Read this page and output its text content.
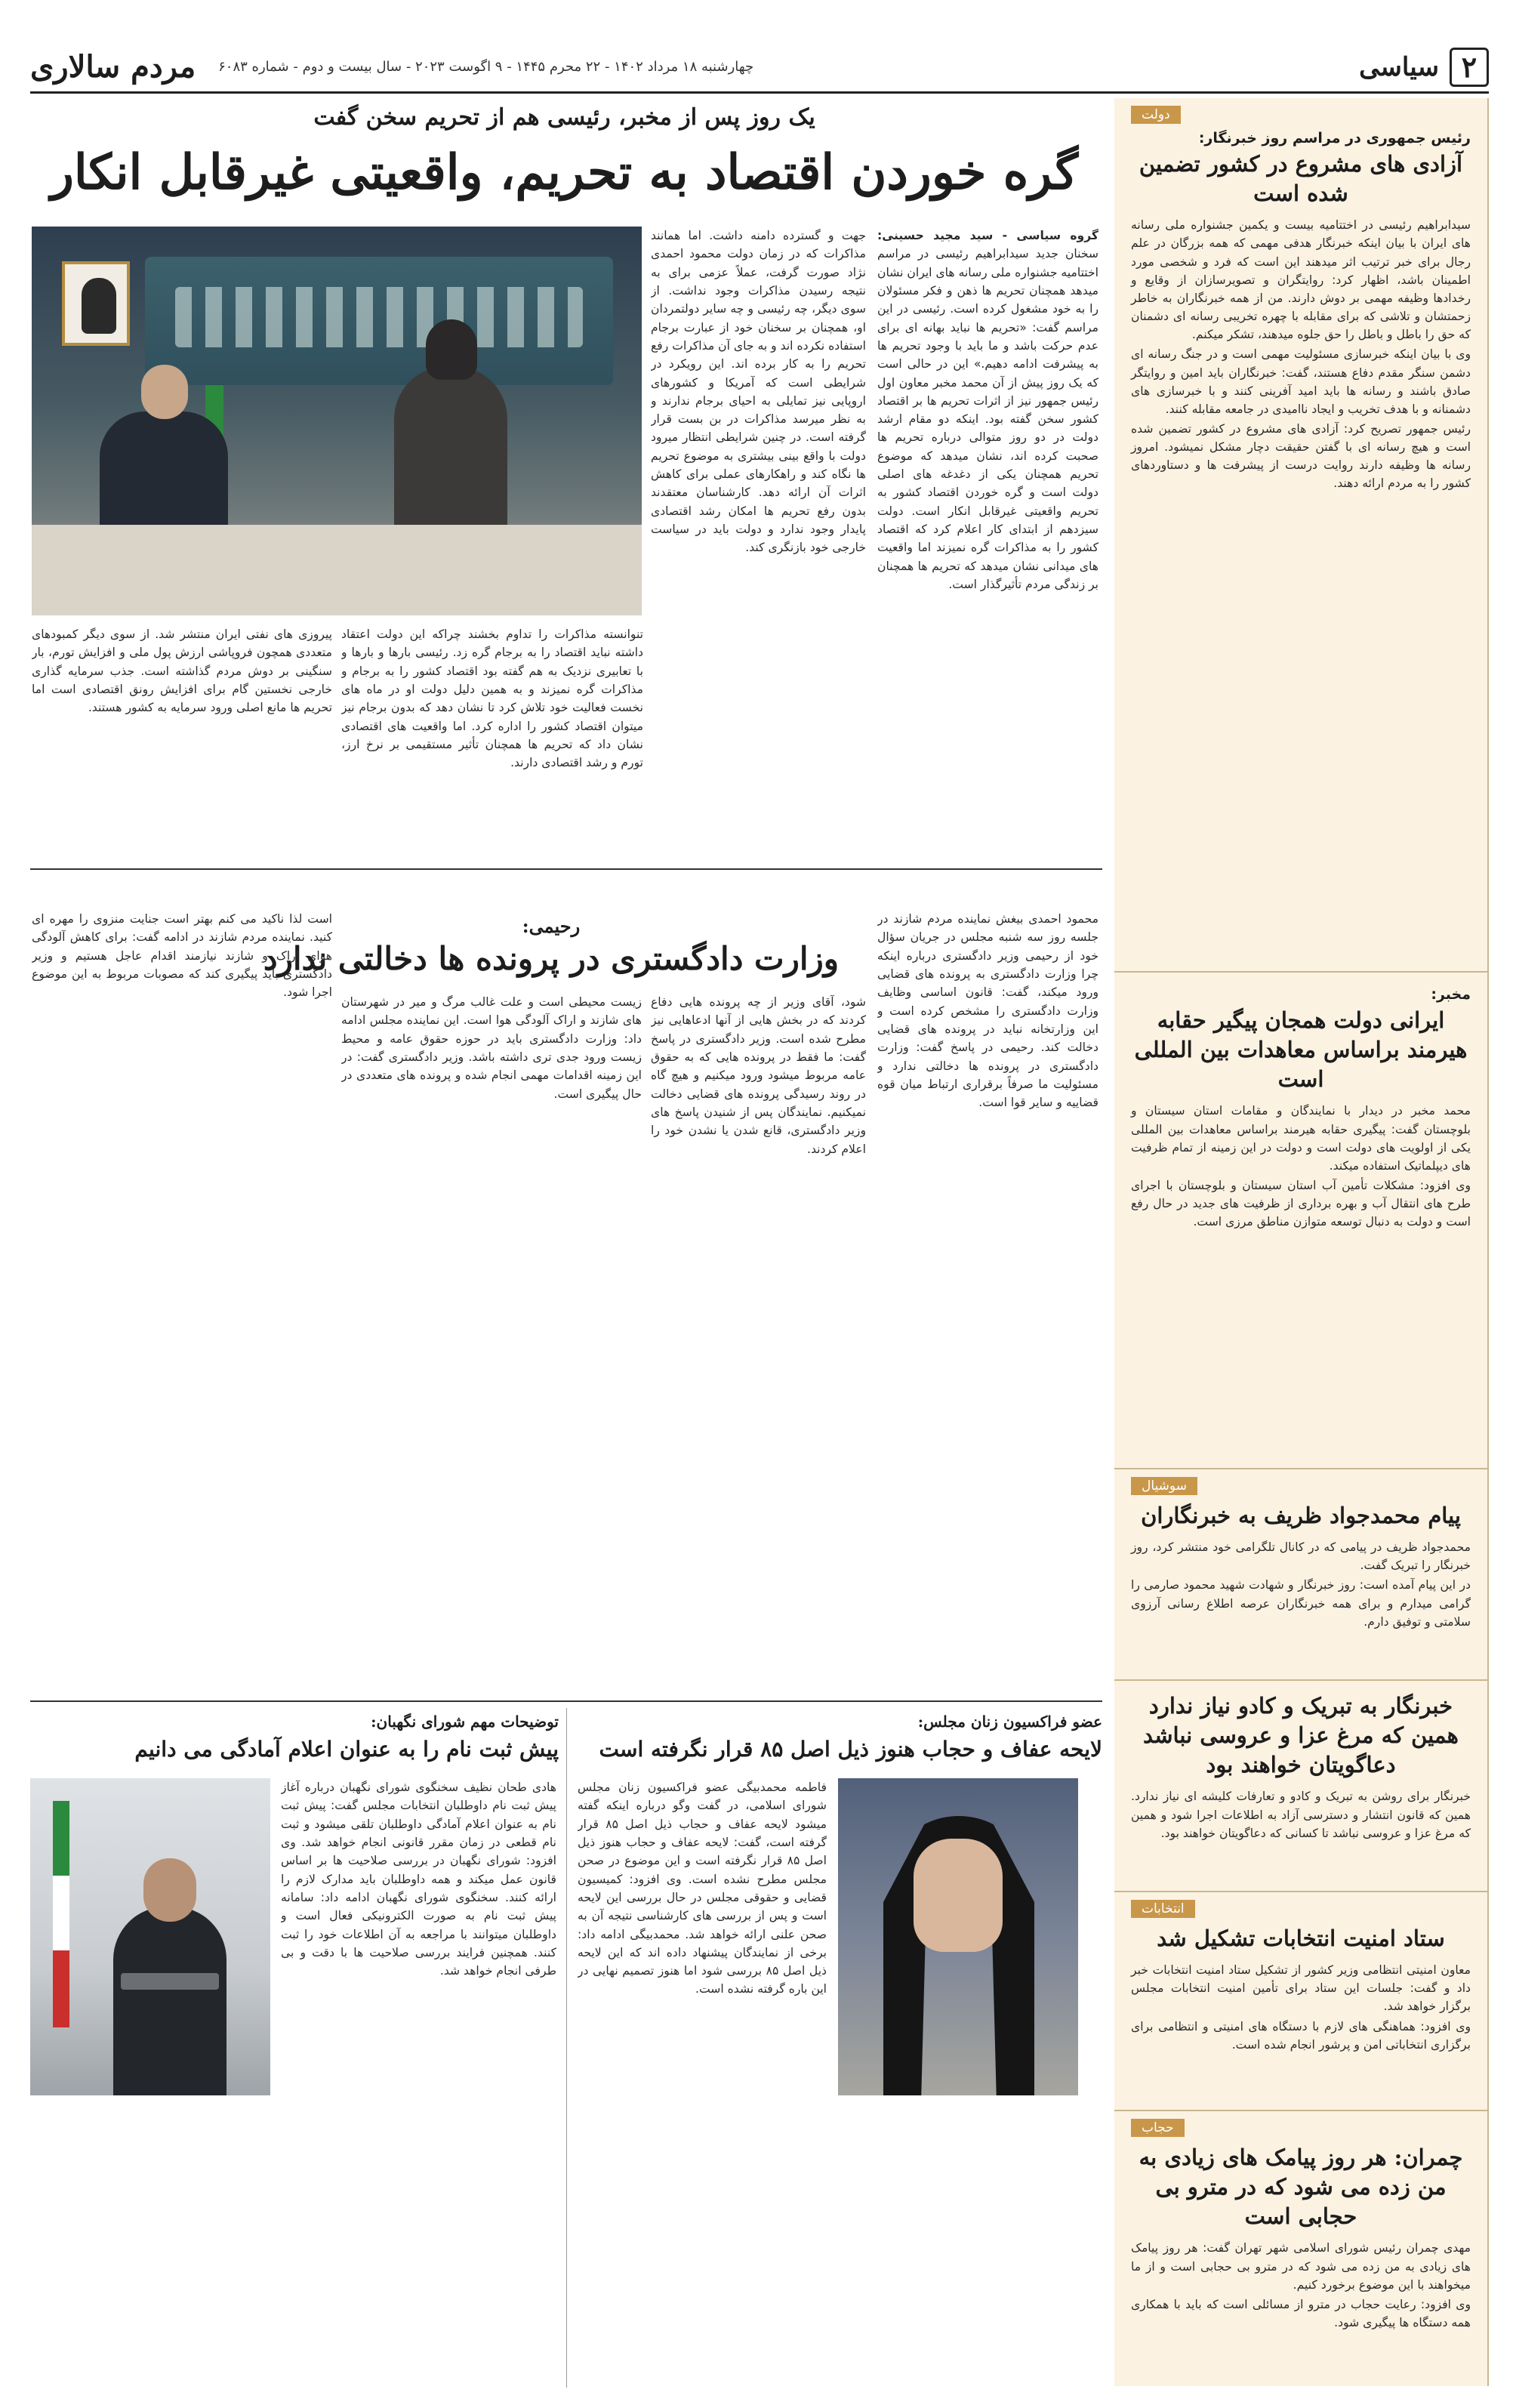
۲
سیاسی
چهارشنبه ۱۸ مرداد ۱۴۰۲ - ۲۲ محرم ۱۴۴۵ - ۹ اگوست ۲۰۲۳ - سال بیست و دوم - شماره ۶۰۸۳
مردم سالاری
دولت
رئیس جمهوری در مراسم روز خبرنگار:
آزادی های مشروع در کشور تضمین شده است

سیدابراهیم رئیسی در اختتامیه بیست و یکمین جشنواره ملی رسانه های ایران با بیان اینکه خبرنگار هدفی مهمی که همه بزرگان در علم رجال برای خبر ترتیب اثر میدهند این است که فرد و شخصی مورد اطمینان باشد، اظهار کرد: روایتگران و تصویرسازان از وقایع و رخدادها وظیفه مهمی بر دوش دارند. من از همه خبرنگاران به خاطر زحمتشان و تلاشی که برای مقابله با چهره تخریبی رسانه ای دشمنان که حق را باطل و باطل را حق جلوه میدهند، تشکر میکنم.

وی با بیان اینکه خبرسازی مسئولیت مهمی است و در جنگ رسانه ای دشمن سنگر مقدم دفاع هستند، گفت: خبرنگاران باید امین و روایتگر صادق باشند و رسانه ها باید امید آفرینی کنند و با خبرسازی های دشمنانه و با هدف تخریب و ایجاد ناامیدی در جامعه مقابله کنند.

رئیس جمهور تصریح کرد: آزادی های مشروع در کشور تضمین شده است و هیچ رسانه ای با گفتن حقیقت دچار مشکل نمیشود. امروز رسانه ها وظیفه دارند روایت درست از پیشرفت ها و دستاوردهای کشور را به مردم ارائه دهند.

مخبر:
ایرانی دولت همجان پیگیر حقابه هیرمند براساس معاهدات بین المللی است

محمد مخبر در دیدار با نمایندگان و مقامات استان سیستان و بلوچستان گفت: پیگیری حقابه هیرمند براساس معاهدات بین المللی یکی از اولویت های دولت است و دولت در این زمینه از تمام ظرفیت های دیپلماتیک استفاده میکند.

وی افزود: مشکلات تأمین آب استان سیستان و بلوچستان با اجرای طرح های انتقال آب و بهره برداری از ظرفیت های جدید در حال رفع است و دولت به دنبال توسعه متوازن مناطق مرزی است.

سوشیال
پیام محمدجواد ظریف به خبرنگاران

محمدجواد ظریف در پیامی که در کانال تلگرامی خود منتشر کرد، روز خبرنگار را تبریک گفت.

در این پیام آمده است: روز خبرنگار و شهادت شهید محمود صارمی را گرامی میدارم و برای همه خبرنگاران عرصه اطلاع رسانی آرزوی سلامتی و توفیق دارم.

خبرنگار به تبریک و کادو نیاز ندارد همین که مرغ عزا و عروسی نباشد دعاگویتان خواهند بود

خبرنگار برای روشن به تبریک و کادو و تعارفات کلیشه ای نیاز ندارد. همین که قانون انتشار و دسترسی آزاد به اطلاعات اجرا شود و همین که مرغ عزا و عروسی نباشد تا کسانی که دعاگویتان خواهند بود.

انتخابات
ستاد امنیت انتخابات تشکیل شد

معاون امنیتی انتظامی وزیر کشور از تشکیل ستاد امنیت انتخابات خبر داد و گفت: جلسات این ستاد برای تأمین امنیت انتخابات مجلس برگزار خواهد شد.

وی افزود: هماهنگی های لازم با دستگاه های امنیتی و انتظامی برای برگزاری انتخاباتی امن و پرشور انجام شده است.

حجاب
چمران: هر روز پیامک های زیادی به من زده می شود که در مترو بی حجابی است

مهدی چمران رئیس شورای اسلامی شهر تهران گفت: هر روز پیامک های زیادی به من زده می شود که در مترو بی حجابی است و از ما میخواهند با این موضوع برخورد کنیم.

وی افزود: رعایت حجاب در مترو از مسائلی است که باید با همکاری همه دستگاه ها پیگیری شود.

یک روز پس از مخبر، رئیسی هم از تحریم سخن گفت
گره خوردن اقتصاد به تحریم، واقعیتی غیرقابل انکار
گروه سیاسی - سید مجید حسینی: سخنان جدید سیدابراهیم رئیسی در مراسم اختتامیه جشنواره ملی رسانه های ایران نشان میدهد همچنان تحریم ها ذهن و فکر مسئولان را به خود مشغول کرده است. رئیسی در این مراسم گفت: «تحریم ها نباید بهانه ای برای عدم حرکت باشد و ما باید با وجود تحریم ها به پیشرفت ادامه دهیم.» این در حالی است که یک روز پیش از آن محمد مخبر معاون اول رئیس جمهور نیز از اثرات تحریم ها بر اقتصاد کشور سخن گفته بود. اینکه دو مقام ارشد دولت در دو روز متوالی درباره تحریم ها صحبت کرده اند، نشان میدهد که موضوع تحریم همچنان یکی از دغدغه های اصلی دولت است و گره خوردن اقتصاد کشور به تحریم واقعیتی غیرقابل انکار است. دولت سیزدهم از ابتدای کار اعلام کرد که اقتصاد کشور را به مذاکرات گره نمیزند اما واقعیت های میدانی نشان میدهد که تحریم ها همچنان بر زندگی مردم تأثیرگذار است.
جهت و گسترده دامنه داشت. اما همانند مذاکرات که در زمان دولت محمود احمدی نژاد صورت گرفت، عملاً عزمی برای به نتیجه رسیدن مذاکرات وجود نداشت. از سوی دیگر، چه رئیسی و چه سایر دولتمردان او، همچنان بر سخنان خود از عبارت برجام استفاده نکرده اند و به جای آن مذاکرات رفع تحریم را به کار برده اند. این رویکرد در شرایطی است که آمریکا و کشورهای اروپایی نیز تمایلی به احیای برجام ندارند و به نظر میرسد مذاکرات در بن بست قرار گرفته است. در چنین شرایطی انتظار میرود دولت با واقع بینی بیشتری به موضوع تحریم ها نگاه کند و راهکارهای عملی برای کاهش اثرات آن ارائه دهد. کارشناسان معتقدند بدون رفع تحریم ها امکان رشد اقتصادی پایدار وجود ندارد و دولت باید در سیاست خارجی خود بازنگری کند.
تنوانسته مذاکرات را تداوم بخشند چراکه این دولت اعتقاد داشته نباید اقتصاد را به برجام گره زد. رئیسی بارها و بارها و با تعابیری نزدیک به هم گفته بود اقتصاد کشور را به برجام و مذاکرات گره نمیزند و به همین دلیل دولت او در ماه های نخست فعالیت خود تلاش کرد تا نشان دهد که بدون برجام نیز میتوان اقتصاد کشور را اداره کرد. اما واقعیت های اقتصادی نشان داد که تحریم ها همچنان تأثیر مستقیمی بر نرخ ارز، تورم و رشد اقتصادی دارند.
پیروزی های نفتی ایران منتشر شد. از سوی دیگر کمبودهای متعددی همچون فروپاشی ارزش پول ملی و افزایش تورم، بار سنگینی بر دوش مردم گذاشته است. جذب سرمایه گذاری خارجی نخستین گام برای افزایش رونق اقتصادی است اما تحریم ها مانع اصلی ورود سرمایه به کشور هستند.
رحیمی:
وزارت دادگستری در پرونده ها دخالتی ندارد
محمود احمدی بیغش نماینده مردم شازند در جلسه روز سه شنبه مجلس در جریان سؤال خود از رحیمی وزیر دادگستری درباره اینکه چرا وزارت دادگستری به پرونده های قضایی ورود میکند، گفت: قانون اساسی وظایف وزارت دادگستری را مشخص کرده است و این وزارتخانه نباید در پرونده های قضایی دخالت کند. رحیمی در پاسخ گفت: وزارت دادگستری در پرونده ها دخالتی ندارد و مسئولیت ما صرفاً برقراری ارتباط میان قوه قضاییه و سایر قوا است.
شود، آقای وزیر از چه پرونده هایی دفاع کردند که در بخش هایی از آنها ادعاهایی نیز مطرح شده است. وزیر دادگستری در پاسخ گفت: ما فقط در پرونده هایی که به حقوق عامه مربوط میشود ورود میکنیم و هیچ گاه در روند رسیدگی پرونده های قضایی دخالت نمیکنیم. نمایندگان پس از شنیدن پاسخ های وزیر دادگستری، قانع شدن یا نشدن خود را اعلام کردند.
زیست محیطی است و علت غالب مرگ و میر در شهرستان های شازند و اراک آلودگی هوا است. این نماینده مجلس ادامه داد: وزارت دادگستری باید در حوزه حقوق عامه و محیط زیست ورود جدی تری داشته باشد. وزیر دادگستری گفت: در این زمینه اقدامات مهمی انجام شده و پرونده های متعددی در حال پیگیری است.
است لذا ناکید می کنم بهتر است جنایت منزوی را مهره ای کنید. نماینده مردم شازند در ادامه گفت: برای کاهش آلودگی هوای اراک و شازند نیازمند اقدام عاجل هستیم و وزیر دادگستری باید پیگیری کند که مصوبات مربوط به این موضوع اجرا شود.
عضو فراکسیون زنان مجلس:
لایحه عفاف و حجاب هنوز ذیل اصل ۸۵ قرار نگرفته است
فاطمه محمدبیگی عضو فراکسیون زنان مجلس شورای اسلامی، در گفت وگو درباره اینکه گفته میشود لایحه عفاف و حجاب ذیل اصل ۸۵ قرار گرفته است، گفت: لایحه عفاف و حجاب هنوز ذیل اصل ۸۵ قرار نگرفته است و این موضوع در صحن مجلس مطرح نشده است. وی افزود: کمیسیون قضایی و حقوقی مجلس در حال بررسی این لایحه است و پس از بررسی های کارشناسی نتیجه آن به صحن علنی ارائه خواهد شد. محمدبیگی ادامه داد: برخی از نمایندگان پیشنهاد داده اند که این لایحه ذیل اصل ۸۵ بررسی شود اما هنوز تصمیم نهایی در این باره گرفته نشده است.
توضیحات مهم شورای نگهبان:
پیش ثبت نام را به عنوان اعلام آمادگی می دانیم
هادی طحان نظیف سخنگوی شورای نگهبان درباره آغاز پیش ثبت نام داوطلبان انتخابات مجلس گفت: پیش ثبت نام به عنوان اعلام آمادگی داوطلبان تلقی میشود و ثبت نام قطعی در زمان مقرر قانونی انجام خواهد شد. وی افزود: شورای نگهبان در بررسی صلاحیت ها بر اساس قانون عمل میکند و همه داوطلبان باید مدارک لازم را ارائه کنند. سخنگوی شورای نگهبان ادامه داد: سامانه پیش ثبت نام به صورت الکترونیکی فعال است و داوطلبان میتوانند با مراجعه به آن اطلاعات خود را ثبت کنند. همچنین فرایند بررسی صلاحیت ها با دقت و بی طرفی انجام خواهد شد.
